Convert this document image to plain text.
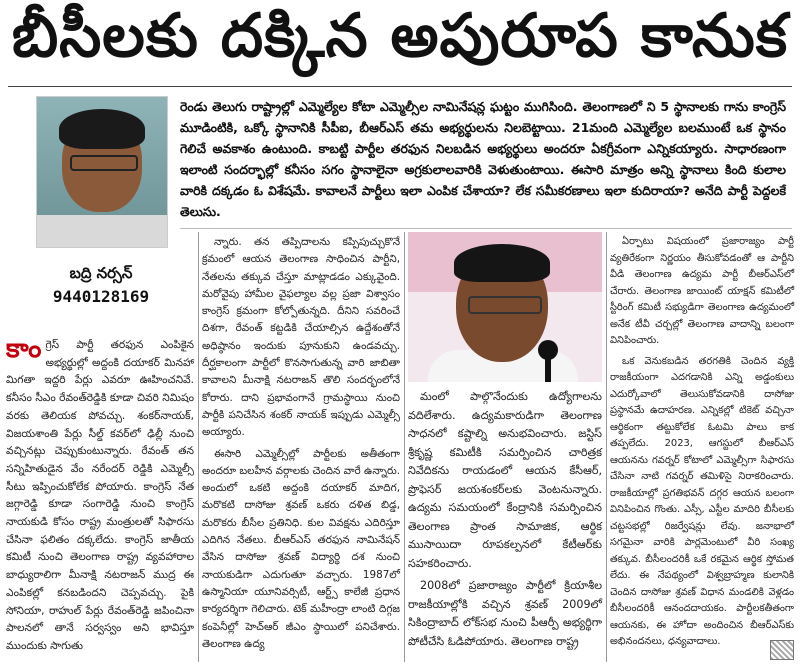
బీసీలకు దక్కిన అపురూప కానుక
బద్రి నర్సన్
9440128169
రెండు తెలుగు రాష్ట్రాల్లో ఎమ్మెల్యేల కోటా ఎమ్మెల్సీల నామినేషన్ల ఘట్టం ముగిసింది. తెలంగాణలో ని 5 స్థానాలకు గాను కాంగ్రెస్ మూడింటికి, ఒక్కో స్థానానికి సీపీఐ, బీఆర్ఎస్ తమ అభ్యర్థులను నిలబెట్టాయి. 21మంది ఎమ్మెల్యేల బలముంటే ఒక స్థానం గెలిచే అవకాశం ఉంటుంది. కాబట్టి పార్టీల తరఫున నిలబడిన అభ్యర్థులు అందరూ ఏకగ్రీవంగా ఎన్నికయ్యారు. సాధారణంగా ఇలాంటి సందర్భాల్లో కనీసం సగం స్థానాలైనా అగ్రకులాలవారికి వెళుతుంటాయి. ఈసారి మాత్రం అన్ని స్థానాలు కింది కులాల వారికి దక్కడం ఓ విశేషమే. కావాలనే పార్టీలు ఇలా ఎంపిక చేశాయా? లేక సమీకరణాలు ఇలా కుదిరాయా? అనేది పార్టీ పెద్దలకే తెలుసు.
కాంగ్రెస్ పార్టీ తరఫున ఎంపికైన అభ్యర్థుల్లో అద్దంకి దయాకర్ మినహా మిగతా ఇద్దరి పేర్లు ఎవరూ ఊహించనివే. కనీసం సీఎం రేవంత్‌రెడ్డికి కూడా చివరి నిమిషం వరకు తెలియక పోవచ్చు. శంకర్‌నాయక్, విజయశాంతి పేర్లు సీల్డ్ కవర్‌లో ఢిల్లీ నుంచి వచ్చినట్లు చెప్పుకుంటున్నారు. రేవంత్ తన సన్నిహితుడైన వేం నరేందర్ రెడ్డికి ఎమ్మెల్సీ సీటు ఇప్పించుకోలేక పోయారు. కాంగ్రెస్ నేత జగ్గారెడ్డి కూడా సంగారెడ్డి నుంచి కాంగ్రెస్ నాయకుడి కోసం రాష్ట్ర మంత్రులతో సిఫారసు చేసినా ఫలితం దక్కలేదు. కాంగ్రెస్ జాతీయ కమిటీ నుంచి తెలంగాణ రాష్ట్ర వ్యవహారాల బాధ్యురాలిగా మీనాక్షి నటరాజన్ ముద్ర ఈ ఎంపికల్లో కనబడిందని చెప్పవచ్చు. పైకి సోనియా, రాహుల్ పేర్లు రేవంత్‌రెడ్డి జపించినా పాలనలో తానే సర్వస్వం అని భావిస్తూ ముందుకు సాగుతు

న్నారు. తన తప్పిదాలను కప్పిపుచ్చుకొనే క్రమంలో ఆయన తెలంగాణ సాధించిన పార్టీని, నేతలను తక్కువ చేస్తూ మాట్లాడడం ఎక్కువైంది. మరోవైపు హామీల వైఫల్యాల వల్ల ప్రజా విశ్వాసం కాంగ్రెస్ క్రమంగా కోల్పోతున్నది. దీనిని సవరించే దిశగా, రేవంత్ కట్టడికి చేయాల్సిన ఉద్దేశంతోనే అధిష్ఠానం ఇందుకు పూనుకుని ఉండవచ్చు. దీర్ఘకాలంగా పార్టీలో కొనసాగుతున్న వారి జాబితా కావాలని మీనాక్షి నటరాజన్ తొలి సందర్భంలోనే కోరారు. దాని ప్రభావంగానే గ్రామస్థాయి నుంచి పార్టీకి పనిచేసిన శంకర్ నాయక్ ఇప్పుడు ఎమ్మెల్సీ అయ్యారు.

ఈసారి ఎమ్మెల్సీల్లో పార్టీలకు అతీతంగా అందరూ బలహీన వర్గాలకు చెందిన వారే ఉన్నారు. అందులో ఒకటి అద్దంకి దయాకర్ మాదిగ, మరొకటి దాసోజు శ్రవణ్ ఒకరు దళిత బిడ్డ, మరొకరు బీసీల ప్రతినిధి. కుల వివక్షను ఎదిరిస్తూ ఎదిగిన నేతలు. బీఆర్ఎస్ తరఫున నామినేషన్ వేసిన దాసోజు శ్రవణ్ విద్యార్థి దశ నుంచి నాయకుడిగా ఎదుగుతూ వచ్చారు. 1987లో ఉస్మానియా యూనివర్సిటీ, ఆర్ట్స్ కాలేజీ ప్రధాన కార్యదర్శిగా గెలిచారు. టెక్ మహీంద్రా లాంటి దిగ్గజ కంపెనీల్లో హెచ్ఆర్ జీఎం స్థాయిలో పనిచేశారు. తెలంగాణ ఉద్య

మంలో పాల్గొనేందుకు ఉద్యోగాలను వదిలేశారు. ఉద్యమకారుడిగా తెలంగాణ సాధనలో కష్టాల్ని అనుభవించారు. జస్టిస్ శ్రీకృష్ణ కమిటీకి సమర్పించిన చారిత్రక నివేదికను రాయడంలో ఆయన కేసీఆర్, ప్రొఫెసర్ జయశంకర్‌లకు వెంటనున్నారు. ఉద్యమ సమయంలో కేంద్రానికి సమర్పించిన తెలంగాణ ప్రాంత సామాజిక, ఆర్థిక ముసాయిదా రూపకల్పనలో కేటీఆర్‌కు సహకరించారు.

2008లో ప్రజారాజ్యం పార్టీలో క్రియాశీల రాజకీయాల్లోకి వచ్చిన శ్రవణ్ 2009లో సికింద్రాబాద్ లోక్‌సభ నుంచి పీఆర్పీ అభ్యర్థిగా పోటీచేసి ఓడిపోయారు. తెలంగాణ రాష్ట్ర

ఏర్పాటు విషయంలో ప్రజారాజ్యం పార్టీ వ్యతిరేకంగా నిర్ణయం తీసుకోవడంతో ఆ పార్టీని వీడి తెలంగాణ ఉద్యమ పార్టీ బీఆర్ఎస్‌లో చేరారు. తెలంగాణ జాయింట్ యాక్షన్ కమిటీలో స్టీరింగ్ కమిటీ సభ్యుడిగా తెలంగాణ ఉద్యమంలో అనేక టీవీ చర్చల్లో తెలంగాణ వాదాన్ని బలంగా వినిపించారు.

ఒక వెనుకబడిన తరగతికి చెందిన వ్యక్తి రాజకీయంగా ఎదగడానికి ఎన్ని అడ్డంకులు ఎదుర్కోవాలో తెలుసుకోవడానికి దాసోజు ప్రస్థానమే ఉదాహరణ. ఎన్నికల్లో టికెట్ వచ్చినా ఆర్థికంగా తట్టుకోలేక ఓటమి పాలు కాక తప్పలేదు. 2023, ఆగస్టులో బీఆర్ఎస్ ఆయనను గవర్నర్ కోటాలో ఎమ్మెల్సీగా సిఫారసు చేసినా నాటి గవర్నర్ తమిళిసై నిరాకరించారు. రాజకీయాల్లో ప్రగతిభవన్ దగ్గర ఆయన బలంగా వినిపించిన గొంతు. ఎస్సీ, ఎస్టీల మాదిరి బీసీలకు చట్టసభల్లో రిజర్వేషన్లు లేవు. జనాభాలో సగమైనా వారికి పార్లమెంటులో వీరి సంఖ్య తక్కువ. బీసీలందరికీ ఒకే రకమైన ఆర్థిక స్తోమత లేదు. ఈ నేపథ్యంలో విశ్వబ్రాహ్మణ కులానికి చెందిన దాసోజు శ్రవణ్ విధాన మండలికి వెళ్లడం బీసీలందరికీ ఆనందదాయకం. పార్టీలకతీతంగా ఆయనకు, ఈ హోదా అందించిన బీఆర్ఎస్‌కు అభినందనలు, ధన్యవాదాలు.
